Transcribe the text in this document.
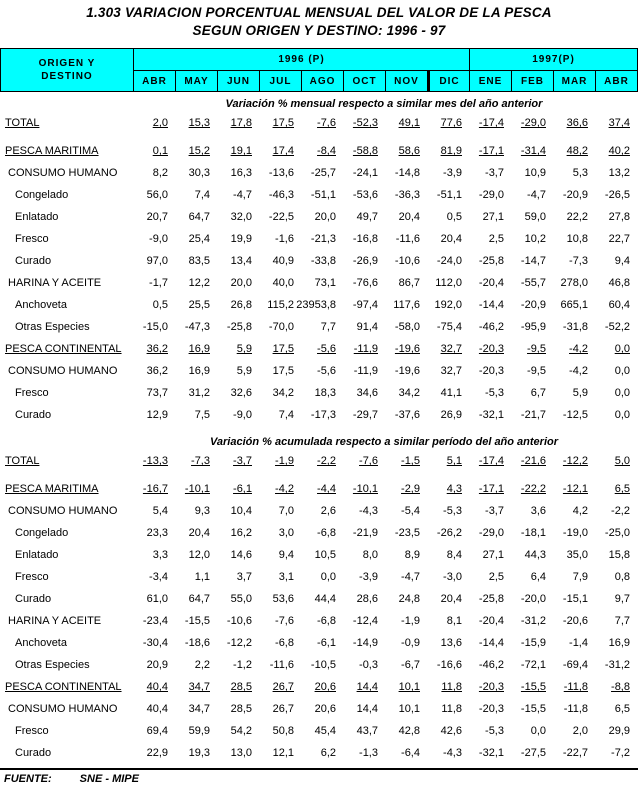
1.303 VARIACION PORCENTUAL MENSUAL DEL VALOR DE LA PESCA
SEGUN ORIGEN Y DESTINO: 1996 - 97
ORIGEN Y
DESTINO
1996 (P)	1997(P)
ABR	MAY	JUN	JUL	AGO	OCT	NOV	DIC	ENE	FEB	MAR	ABR
Variación % mensual respecto a similar mes del año anterior
TOTAL	2,0 15,3 17,8 17,5 -7,6 -52,3 49,1 77,6 -17,4 -29,0 36,6 37,4
PESCA MARITIMA	0,1 15,2 19,1 17,4 -8,4 -58,8 58,6 81,9 -17,1 -31,4 48,2 40,2
CONSUMO HUMANO	8,2 30,3 16,3 -13,6 -25,7 -24,1 -14,8 -3,9 -3,7 10,9 5,3 13,2
Congelado	56,0 7,4 -4,7 -46,3 -51,1 -53,6 -36,3 -51,1 -29,0 -4,7 -20,9 -26,5
Enlatado	20,7 64,7 32,0 -22,5 20,0 49,7 20,4 0,5 27,1 59,0 22,2 27,8
Fresco	-9,0 25,4 19,9 -1,6 -21,3 -16,8 -11,6 20,4 2,5 10,2 10,8 22,7
Curado	97,0 83,5 13,4 40,9 -33,8 -26,9 -10,6 -24,0 -25,8 -14,7 -7,3 9,4
HARINA Y ACEITE	-1,7 12,2 20,0 40,0 73,1 -76,6 86,7 112,0 -20,4 -55,7 278,0 46,8
Anchoveta	0,5 25,5 26,8 115,2 23953,8 -97,4 117,6 192,0 -14,4 -20,9 665,1 60,4
Otras Especies	-15,0 -47,3 -25,8 -70,0 7,7 91,4 -58,0 -75,4 -46,2 -95,9 -31,8 -52,2
PESCA CONTINENTAL	36,2 16,9 5,9 17,5 -5,6 -11,9 -19,6 32,7 -20,3 -9,5 -4,2 0,0
CONSUMO HUMANO	36,2 16,9 5,9 17,5 -5,6 -11,9 -19,6 32,7 -20,3 -9,5 -4,2 0,0
Fresco	73,7 31,2 32,6 34,2 18,3 34,6 34,2 41,1 -5,3 6,7 5,9 0,0
Curado	12,9 7,5 -9,0 7,4 -17,3 -29,7 -37,6 26,9 -32,1 -21,7 -12,5 0,0
Variación % acumulada respecto a similar período del año anterior
TOTAL	-13,3 -7,3 -3,7 -1,9 -2,2 -7,6 -1,5 5,1 -17,4 -21,6 -12,2 5,0
PESCA MARITIMA	-16,7 -10,1 -6,1 -4,2 -4,4 -10,1 -2,9 4,3 -17,1 -22,2 -12,1 6,5
CONSUMO HUMANO	5,4 9,3 10,4 7,0 2,6 -4,3 -5,4 -5,3 -3,7 3,6 4,2 -2,2
Congelado	23,3 20,4 16,2 3,0 -6,8 -21,9 -23,5 -26,2 -29,0 -18,1 -19,0 -25,0
Enlatado	3,3 12,0 14,6 9,4 10,5 8,0 8,9 8,4 27,1 44,3 35,0 15,8
Fresco	-3,4 1,1 3,7 3,1 0,0 -3,9 -4,7 -3,0 2,5 6,4 7,9 0,8
Curado	61,0 64,7 55,0 53,6 44,4 28,6 24,8 20,4 -25,8 -20,0 -15,1 9,7
HARINA Y ACEITE	-23,4 -15,5 -10,6 -7,6 -6,8 -12,4 -1,9 8,1 -20,4 -31,2 -20,6 7,7
Anchoveta	-30,4 -18,6 -12,2 -6,8 -6,1 -14,9 -0,9 13,6 -14,4 -15,9 -1,4 16,9
Otras Especies	20,9 2,2 -1,2 -11,6 -10,5 -0,3 -6,7 -16,6 -46,2 -72,1 -69,4 -31,2
PESCA CONTINENTAL	40,4 34,7 28,5 26,7 20,6 14,4 10,1 11,8 -20,3 -15,5 -11,8 -8,8
CONSUMO HUMANO	40,4 34,7 28,5 26,7 20,6 14,4 10,1 11,8 -20,3 -15,5 -11,8 6,5
Fresco	69,4 59,9 54,2 50,8 45,4 43,7 42,8 42,6 -5,3 0,0 2,0 29,9
Curado	22,9 19,3 13,0 12,1 6,2 -1,3 -6,4 -4,3 -32,1 -27,5 -22,7 -7,2
FUENTE:	SNE - MIPE
